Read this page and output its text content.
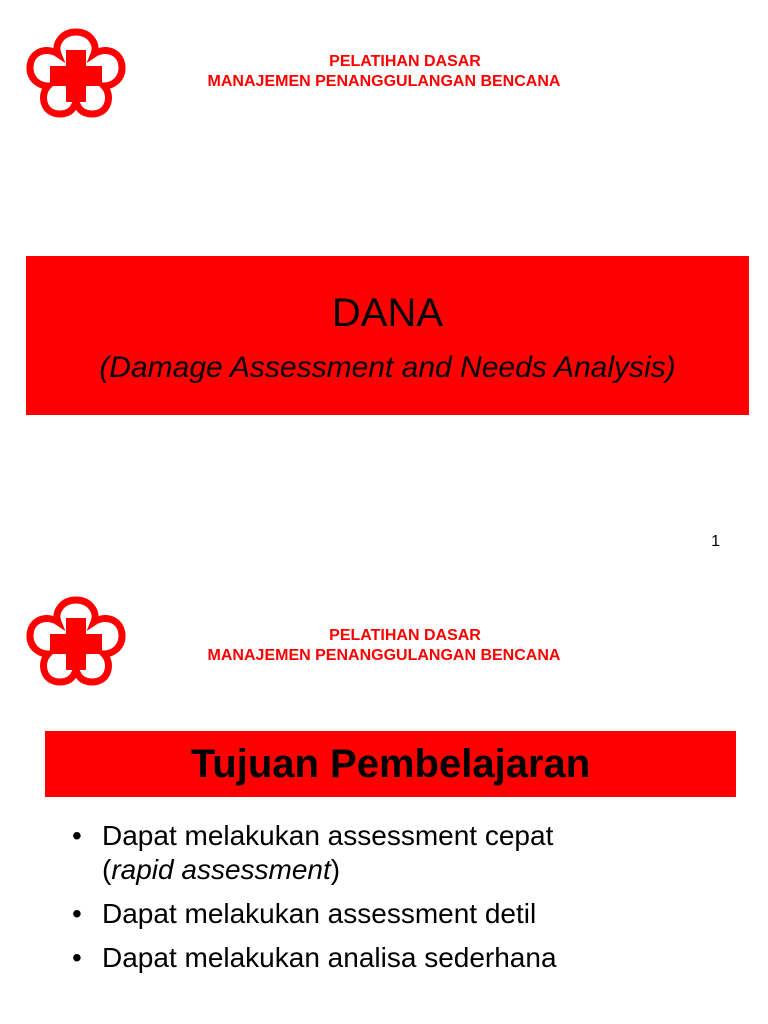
PELATIHAN DASAR
MANAJEMEN PENANGGULANGAN BENCANA
DANA
(Damage Assessment and Needs Analysis)
1
PELATIHAN DASAR
MANAJEMEN PENANGGULANGAN BENCANA
Tujuan Pembelajaran
• Dapat melakukan assessment cepat
(rapid assessment)
• Dapat melakukan assessment detil
• Dapat melakukan analisa sederhana
